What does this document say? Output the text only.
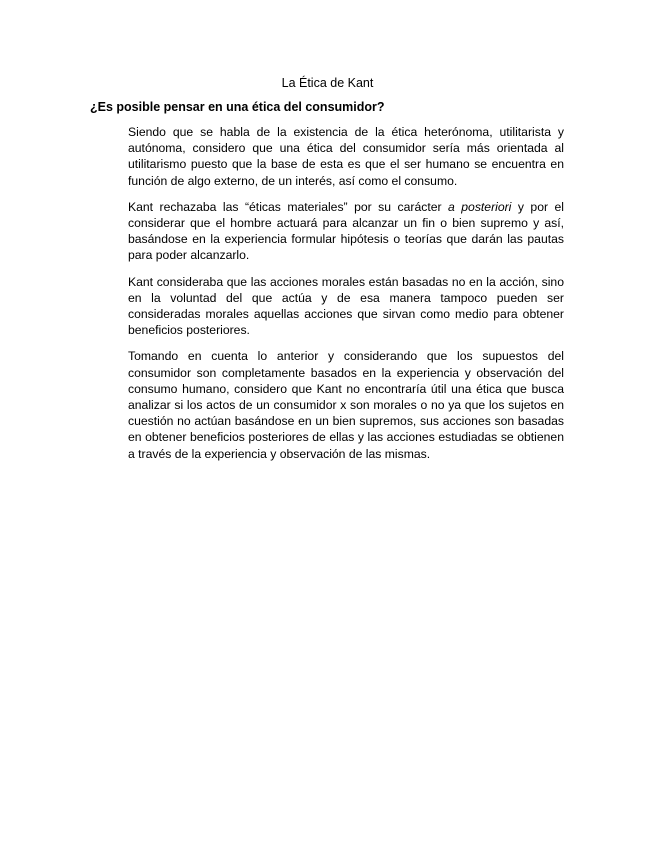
La Ética de Kant
¿Es posible pensar en una ética del consumidor?

Siendo que se habla de la existencia de la ética heterónoma, utilitarista y autónoma, considero que una ética del consumidor sería más orientada al utilitarismo puesto que la base de esta es que el ser humano se encuentra en función de algo externo, de un interés, así como el consumo.

Kant rechazaba las “éticas materiales” por su carácter a posteriori y por el considerar que el hombre actuará para alcanzar un fin o bien supremo y así, basándose en la experiencia formular hipótesis o teorías que darán las pautas para poder alcanzarlo.

Kant consideraba que las acciones morales están basadas no en la acción, sino en la voluntad del que actúa y de esa manera tampoco pueden ser consideradas morales aquellas acciones que sirvan como medio para obtener beneficios posteriores.

Tomando en cuenta lo anterior y considerando que los supuestos del consumidor son completamente basados en la experiencia y observación del consumo humano, considero que Kant no encontraría útil una ética que busca analizar si los actos de un consumidor x son morales o no ya que los sujetos en cuestión no actúan basándose en un bien supremos, sus acciones son basadas en obtener beneficios posteriores de ellas y las acciones estudiadas se obtienen a través de la experiencia y observación de las mismas.
